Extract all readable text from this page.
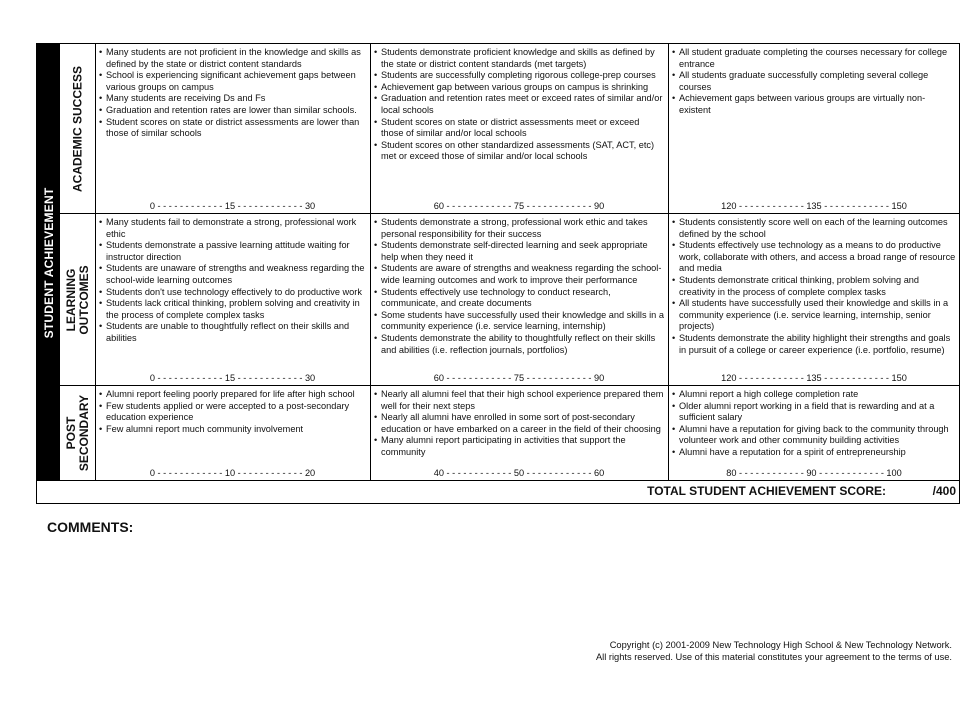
STUDENT ACHIEVEMENT
ACADEMIC SUCCESS
• Many students are not proficient in the knowledge and skills as defined by the state or district content standards
• School is experiencing significant achievement gaps between various groups on campus
• Many students are receiving Ds and Fs
• Graduation and retention rates are lower than similar schools.
• Student scores on state or district assessments are lower than those of similar schools
0 - - - - - - - - - - - - 15 - - - - - - - - - - - - 30
• Students demonstrate proficient knowledge and skills as defined by the state or district content standards (met targets)
• Students are successfully completing rigorous college-prep courses
• Achievement gap between various groups on campus is shrinking
• Graduation and retention rates meet or exceed rates of similar and/or local schools
• Student scores on state or district assessments meet or exceed those of similar and/or local schools
• Student scores on other standardized assessments (SAT, ACT, etc) met or exceed those of similar and/or local schools
60 - - - - - - - - - - - - 75 - - - - - - - - - - - - 90
• All student graduate completing the courses necessary for college entrance
• All students graduate successfully completing several college courses
• Achievement gaps between various groups are virtually non-existent
120 - - - - - - - - - - - - 135 - - - - - - - - - - - - 150
LEARNING OUTCOMES
• Many students fail to demonstrate a strong, professional work ethic
• Students demonstrate a passive learning attitude waiting for instructor direction
• Students are unaware of strengths and weakness regarding the school-wide learning outcomes
• Students don't use technology effectively to do productive work
• Students lack critical thinking, problem solving and creativity in the process of complete complex tasks
• Students are unable to thoughtfully reflect on their skills and abilities
0 - - - - - - - - - - - - 15 - - - - - - - - - - - - 30
• Students demonstrate a strong, professional work ethic and takes personal responsibility for their success
• Students demonstrate self-directed learning and seek appropriate help when they need it
• Students are aware of strengths and weakness regarding the school-wide learning outcomes and work to improve their performance
• Students effectively use technology to conduct research, communicate, and create documents
• Some students have successfully used their knowledge and skills in a community experience (i.e. service learning, internship)
• Students demonstrate the ability to thoughtfully reflect on their skills and abilities (i.e. reflection journals, portfolios)
60 - - - - - - - - - - - - 75 - - - - - - - - - - - - 90
• Students consistently score well on each of the learning outcomes defined by the school
• Students effectively use technology as a means to do productive work, collaborate with others, and access a broad range of resource and media
• Students demonstrate critical thinking, problem solving and creativity in the process of complete complex tasks
• All students have successfully used their knowledge and skills in a community experience (i.e. service learning, internship, senior projects)
• Students demonstrate the ability highlight their strengths and goals in pursuit of a college or career experience (i.e. portfolio, resume)
120 - - - - - - - - - - - - 135 - - - - - - - - - - - - 150
POST SECONDARY
• Alumni report feeling poorly prepared for life after high school
• Few students applied or were accepted to a post-secondary education experience
• Few alumni report much community involvement
0 - - - - - - - - - - - - 10 - - - - - - - - - - - - 20
• Nearly all alumni feel that their high school experience prepared them well for their next steps
• Nearly all alumni have enrolled in some sort of post-secondary education or have embarked on a career in the field of their choosing
• Many alumni report participating in activities that support the community
40 - - - - - - - - - - - - 50 - - - - - - - - - - - - 60
• Alumni report a high college completion rate
• Older alumni report working in a field that is rewarding and at a sufficient salary
• Alumni have a reputation for giving back to the community through volunteer work and other community building activities
• Alumni have a reputation for a spirit of entrepreneurship
80 - - - - - - - - - - - - 90 - - - - - - - - - - - - 100
TOTAL STUDENT ACHIEVEMENT SCORE:	/400
COMMENTS:
Copyright (c) 2001-2009 New Technology High School & New Technology Network.
All rights reserved. Use of this material constitutes your agreement to the terms of use.
